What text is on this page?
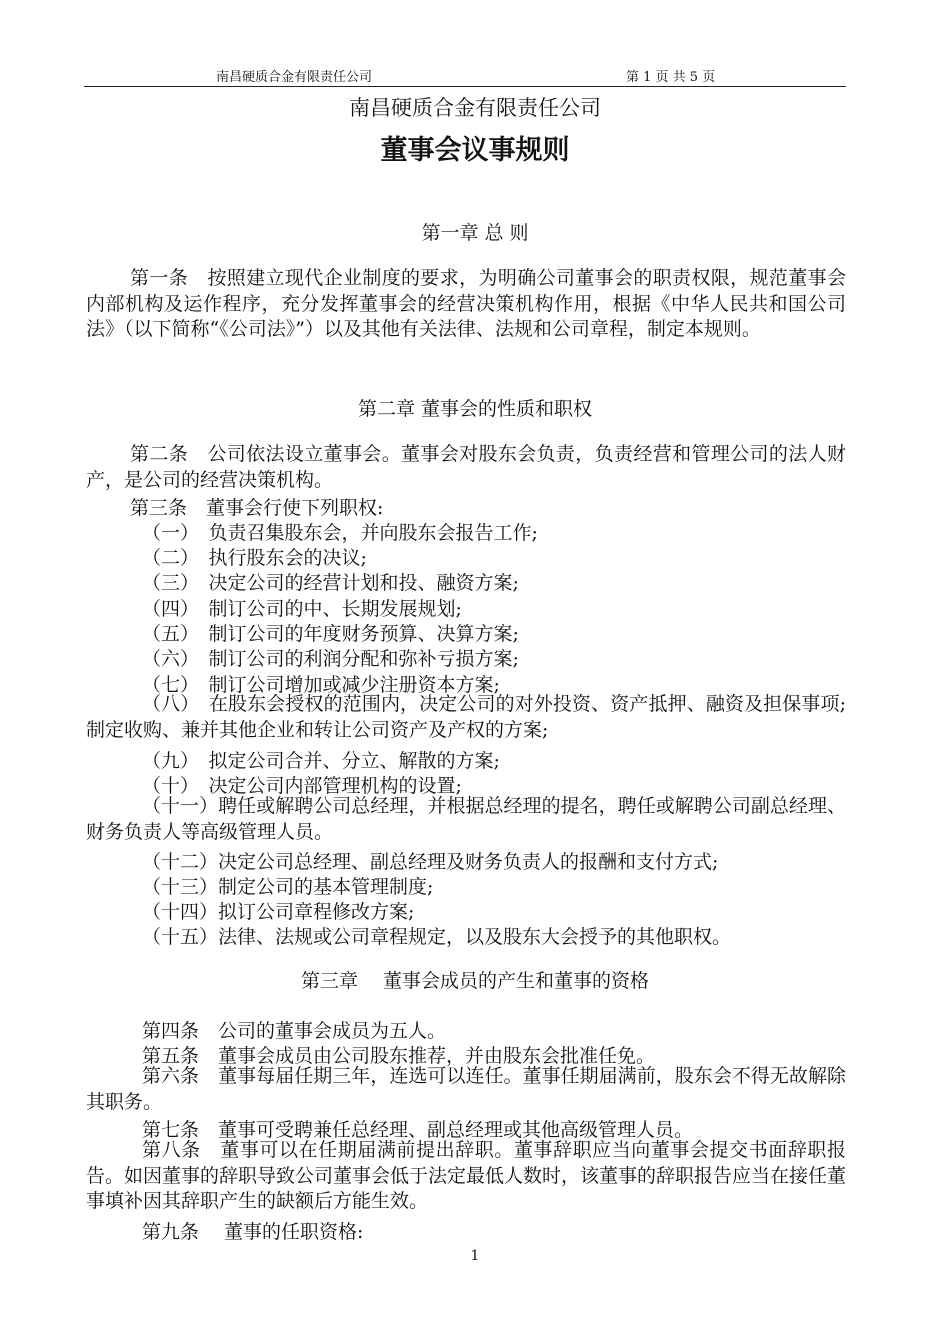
南昌硬质合金有限责任公司	第 1 页 共 5 页
南昌硬质合金有限责任公司
董事会议事规则
第一章 总 则
第一条　按照建立现代企业制度的要求，为明确公司董事会的职责权限，规范董事会内部机构及运作程序，充分发挥董事会的经营决策机构作用，根据《中华人民共和国公司法》（以下简称“《公司法》”）以及其他有关法律、法规和公司章程，制定本规则。
第二章 董事会的性质和职权
第二条　公司依法设立董事会。董事会对股东会负责，负责经营和管理公司的法人财产，是公司的经营决策机构。
第三条　董事会行使下列职权:
（一）　负责召集股东会，并向股东会报告工作;
（二）　执行股东会的决议;
（三）　决定公司的经营计划和投、融资方案;
（四）　制订公司的中、长期发展规划;
（五）　制订公司的年度财务预算、决算方案;
（六）　制订公司的利润分配和弥补亏损方案;
（七）　制订公司增加或减少注册资本方案;
（八）　在股东会授权的范围内，决定公司的对外投资、资产抵押、融资及担保事项; 制定收购、兼并其他企业和转让公司资产及产权的方案;
（九）　拟定公司合并、分立、解散的方案;
（十）　决定公司内部管理机构的设置;
（十一）聘任或解聘公司总经理，并根据总经理的提名，聘任或解聘公司副总经理、财务负责人等高级管理人员。
（十二）决定公司总经理、副总经理及财务负责人的报酬和支付方式;
（十三）制定公司的基本管理制度;
（十四）拟订公司章程修改方案;
（十五）法律、法规或公司章程规定，以及股东大会授予的其他职权。
第三章　 董事会成员的产生和董事的资格
第四条　公司的董事会成员为五人。
第五条　董事会成员由公司股东推荐，并由股东会批准任免。
第六条　董事每届任期三年，连选可以连任。董事任期届满前，股东会不得无故解除其职务。
第七条　董事可受聘兼任总经理、副总经理或其他高级管理人员。
第八条　董事可以在任期届满前提出辞职。董事辞职应当向董事会提交书面辞职报告。如因董事的辞职导致公司董事会低于法定最低人数时，该董事的辞职报告应当在接任董事填补因其辞职产生的缺额后方能生效。
第九条　 董事的任职资格:
1
